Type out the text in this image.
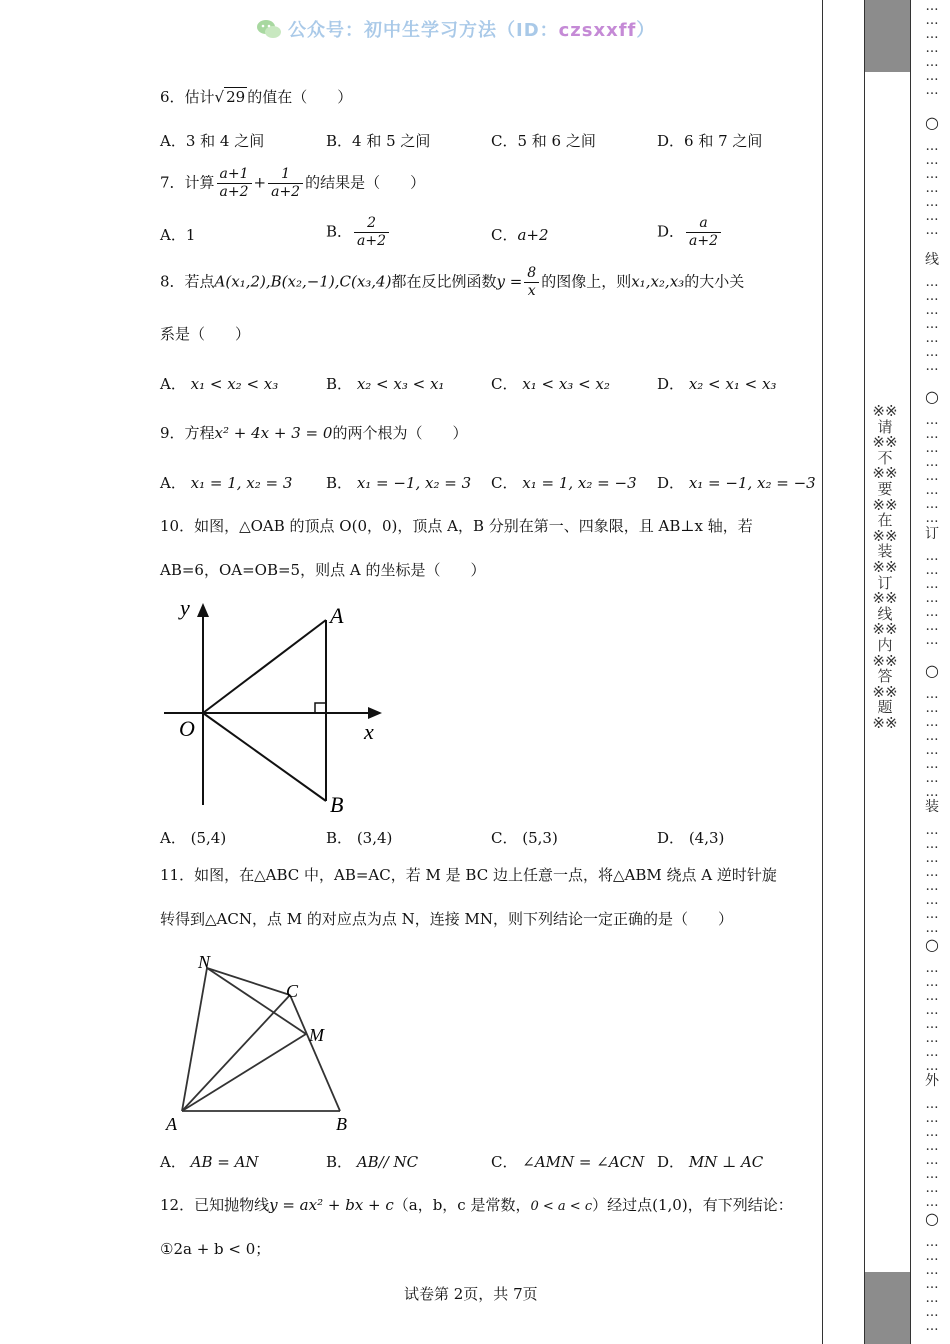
公众号：初中生学习方法（ID：czsxxff）
6．估计√ 29 的值在（　　）
A．3 和 4 之间	B．4 和 5 之间	C．5 和 6 之间	D．6 和 7 之间
7．计算 $\frac{a+1}{a+2} + \frac{1}{a+2}$ 的结果是（　　）
A．1	B． $\frac{2}{a+2}$	C．a+2	D． $\frac{a}{a+2}$
8．若点A(x₁,2),B(x₂,−1),C(x₃,4)都在反比例函数$y = \frac{8}{x}$ 的图像上，则x₁,x₂,x₃的大小关
系是（　　）
A． x₁ < x₂ < x₃	B． x₂ < x₃ < x₁	C． x₁ < x₃ < x₂	D． x₂ < x₁ < x₃
9．方程x² + 4x + 3 = 0的两个根为（　　）
A． x₁ = 1, x₂ = 3 B． x₁ = −1, x₂ = 3 C． x₁ = 1, x₂ = −3 D． x₁ = −1, x₂ = −3
10．如图，△OAB 的顶点 O(0，0)，顶点 A，B 分别在第一、四象限，且 AB⊥x 轴，若
AB=6，OA=OB=5，则点 A 的坐标是（　　）
y
x
O
A
B
A． (5,4)	B． (3,4)	C． (5,3)	D． (4,3)
11．如图，在△ABC 中，AB=AC，若 M 是 BC 边上任意一点，将△ABM 绕点 A 逆时针旋
转得到△ACN，点 M 的对应点为点 N，连接 MN，则下列结论一定正确的是（　　）
N
C
M
A	B
A． AB = AN	B． AB// NC	C． ∠AMN = ∠ACN D． MN ⊥ AC
12．已知抛物线y = ax² + bx + c（a，b，c 是常数，0 < a < c）经过点(1,0)，有下列结论：
①2a + b < 0；
试卷第 2页，共 7页
※※请※※不※※要※※在※※装※※订※※线※※内※※答※※题※※
…
…
…
…
…
…
…
○
…
…
…
…
…
…
…
线
…
…
…
…
…
…
…
○
…
…
…
…
…
…
…
…
订
…
…
…
…
…
…
…
○
…
…
…
…
…
…
…
…
装
…
…
…
…
…
…
…
…
○
…
…
…
…
…
…
…
…
外
…
…
…
…
…
…
…
…
○
…
…
…
…
…
…
…
